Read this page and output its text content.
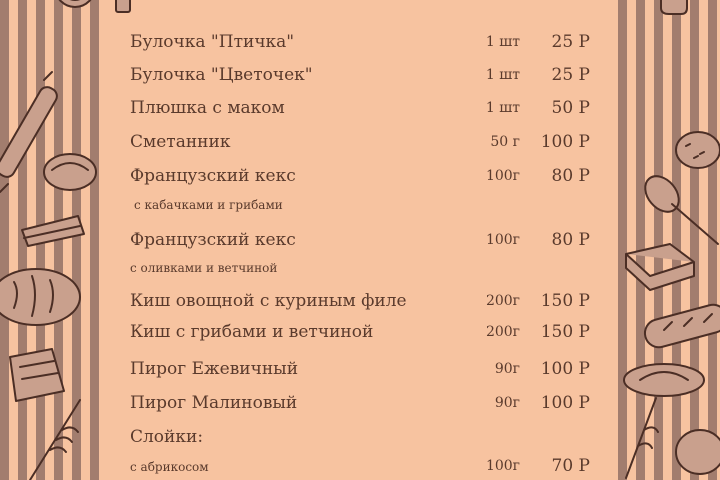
Булочка "Птичка"	1 шт	25 Р
Булочка "Цветочек"	1 шт	25 Р
Плюшка с маком	1 шт	50 Р
Сметанник	50 г	100 Р
Французский кекс	100г	80 Р
с кабачками и грибами
Французский кекс	100г	80 Р
с оливками и ветчиной
Киш овощной с куриным филе	200г	150 Р
Киш с грибами и ветчиной	200г	150 Р
Пирог Ежевичный	90г	100 Р
Пирог Малиновый	90г	100 Р
Слойки:
с абрикосом	100г	70 Р
